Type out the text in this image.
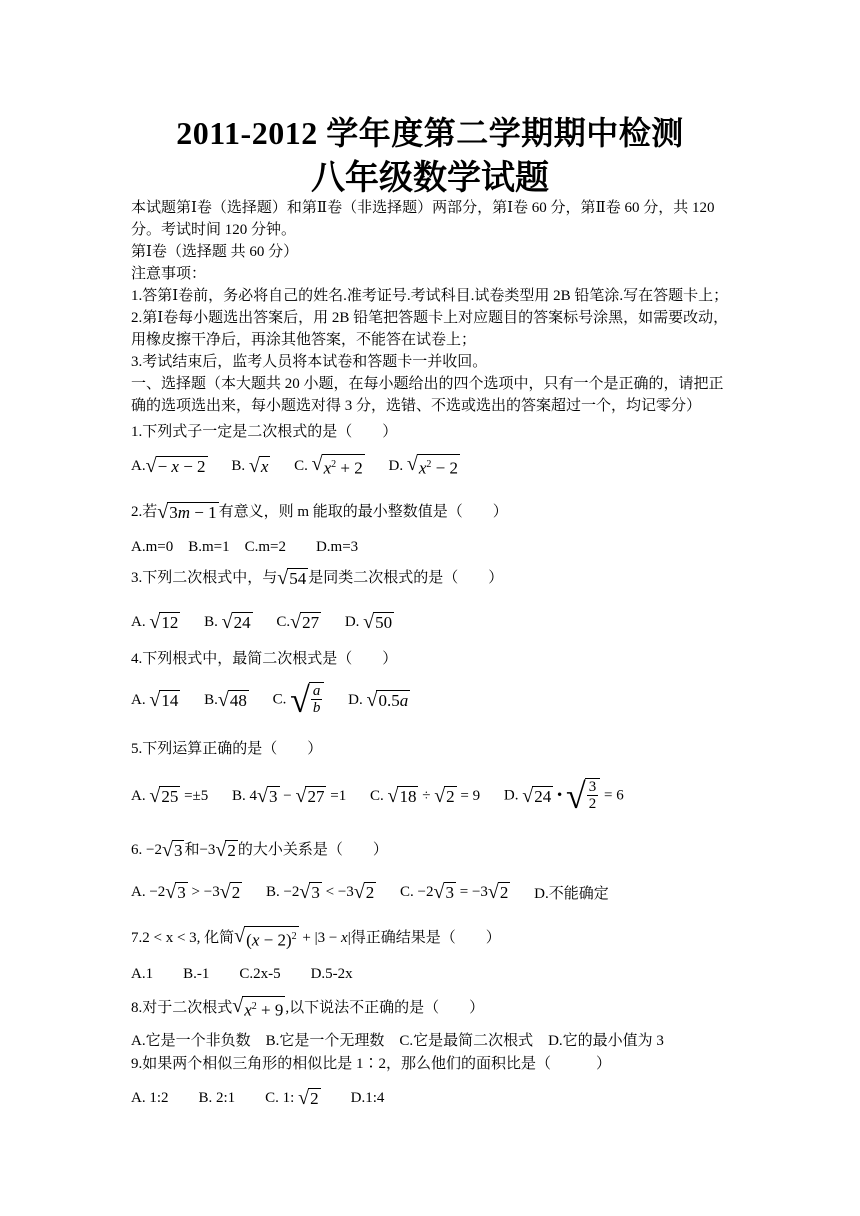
2011-2012 学年度第二学期期中检测
八年级数学试题
本试题第Ⅰ卷（选择题）和第Ⅱ卷（非选择题）两部分，第Ⅰ卷 60 分，第Ⅱ卷 60 分，共 120分。考试时间 120 分钟。
第Ⅰ卷（选择题 共 60 分）
注意事项：
1.答第Ⅰ卷前，务必将自己的姓名.准考证号.考试科目.试卷类型用 2B 铅笔涂.写在答题卡上；
2.第Ⅰ卷每小题选出答案后，用 2B 铅笔把答题卡上对应题目的答案标号涂黑，如需要改动，用橡皮擦干净后，再涂其他答案，不能答在试卷上；
3.考试结束后，监考人员将本试卷和答题卡一并收回。
一、选择题（本大题共 20 小题，在每小题给出的四个选项中，只有一个是正确的，请把正确的选项选出来，每小题选对得 3 分，选错、不选或选出的答案超过一个，均记零分）
1.下列式子一定是二次根式的是（　　）
A. √ − x − 2 B. √ x C. √ $x^2 + 2$ D. √ $x^2 - 2$
2.若 √ 3m − 1 有意义，则 m 能取的最小整数值是（　　）
A.m=0　B.m=1　C.m=2　　D.m=3
3.下列二次根式中，与 √ 54 是同类二次根式的是（　　）
A. √ 12 B. √ 24 C. √ 27 D. √ 50
4.下列根式中，最简二次根式是（　　）
A. √ 14 B. √ 48 C. √ $\frac{a}{b} D$. √ 0.5a
5.下列运算正确的是（　　）
A. √ 25 =±5 B. 4 √ 3 − √ 27 =1 C. √ 18 ÷ √ 2 = 9 D. √ 24 • √ $\frac{3}{2} = 6$
6. −2 √ 3 和−3 √ 2 的大小关系是（　　）
A. −2 √ 3 > −3 √ 2 B. −2 √ 3 < −3 √ 2 C. −2 √ 3 = −3 √ 2 D.不能确定
7.2 < x < 3, 化简 √ $(x - 2)^2 + |3 - x|$得正确结果是（　　）
A.1　　B.-1　　C.2x-5　　D.5-2x
8.对于二次根式 √ $x^2 + 9$ ,以下说法不正确的是（　　）
A.它是一个非负数　B.它是一个无理数　C.它是最简二次根式　D.它的最小值为 3
9.如果两个相似三角形的相似比是 1∶2，那么他们的面积比是（　　　）
A. 1:2　　B. 2:1　　C. 1: √ 2
　　 D.1:4
